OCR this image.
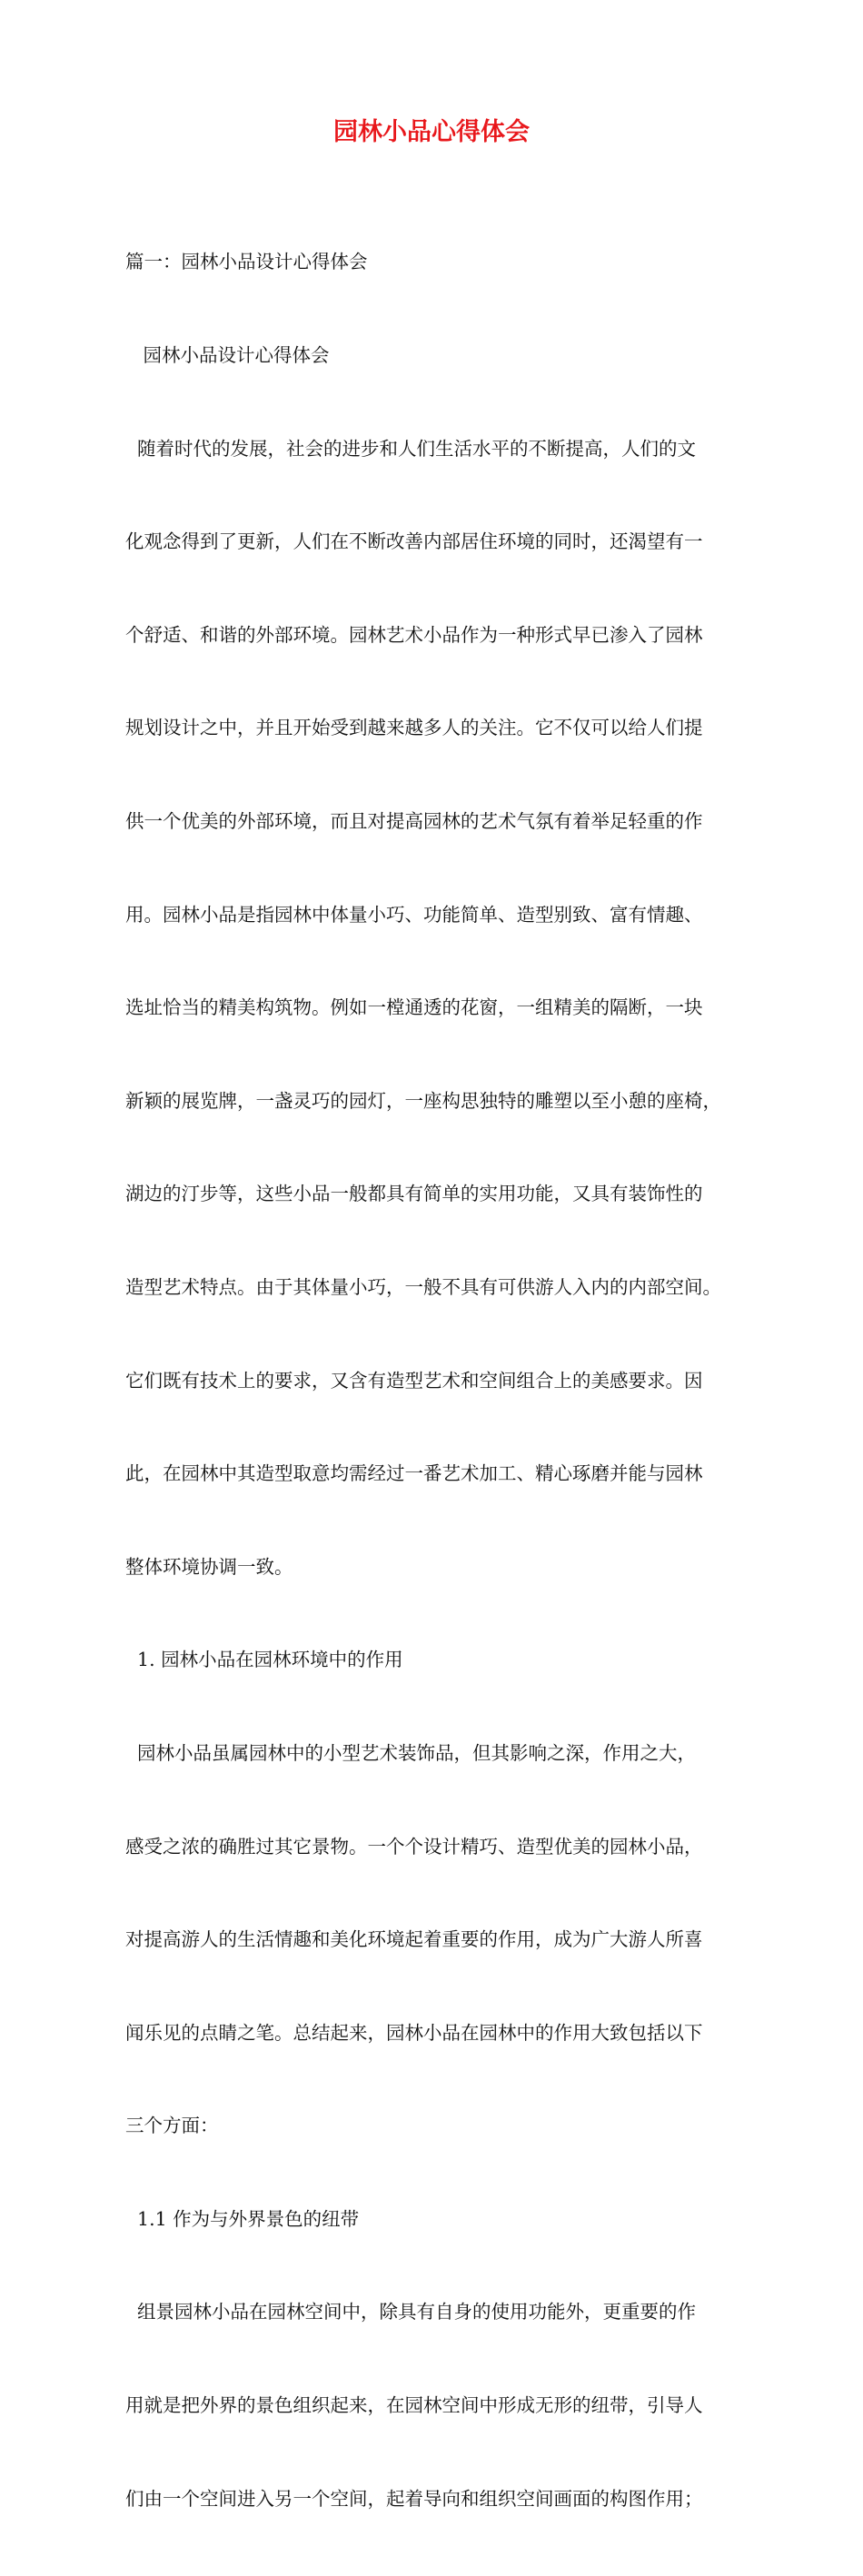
园林小品心得体会

篇一：园林小品设计心得体会

园林小品设计心得体会

随着时代的发展，社会的进步和人们生活水平的不断提高，人们的文

化观念得到了更新，人们在不断改善内部居住环境的同时，还渴望有一

个舒适、和谐的外部环境。园林艺术小品作为一种形式早已渗入了园林

规划设计之中，并且开始受到越来越多人的关注。它不仅可以给人们提

供一个优美的外部环境，而且对提高园林的艺术气氛有着举足轻重的作

用。园林小品是指园林中体量小巧、功能简单、造型别致、富有情趣、

选址恰当的精美构筑物。例如一樘通透的花窗，一组精美的隔断，一块

新颖的展览牌，一盏灵巧的园灯，一座构思独特的雕塑以至小憩的座椅，

湖边的汀步等，这些小品一般都具有简单的实用功能，又具有装饰性的

造型艺术特点。由于其体量小巧，一般不具有可供游人入内的内部空间。

它们既有技术上的要求，又含有造型艺术和空间组合上的美感要求。因

此，在园林中其造型取意均需经过一番艺术加工、精心琢磨并能与园林

整体环境协调一致。

1. 园林小品在园林环境中的作用

园林小品虽属园林中的小型艺术装饰品，但其影响之深，作用之大，

感受之浓的确胜过其它景物。一个个设计精巧、造型优美的园林小品，

对提高游人的生活情趣和美化环境起着重要的作用，成为广大游人所喜

闻乐见的点睛之笔。总结起来，园林小品在园林中的作用大致包括以下

三个方面：

1.1 作为与外界景色的纽带

组景园林小品在园林空间中，除具有自身的使用功能外，更重要的作

用就是把外界的景色组织起来，在园林空间中形成无形的纽带，引导人

们由一个空间进入另一个空间，起着导向和组织空间画面的构图作用；
